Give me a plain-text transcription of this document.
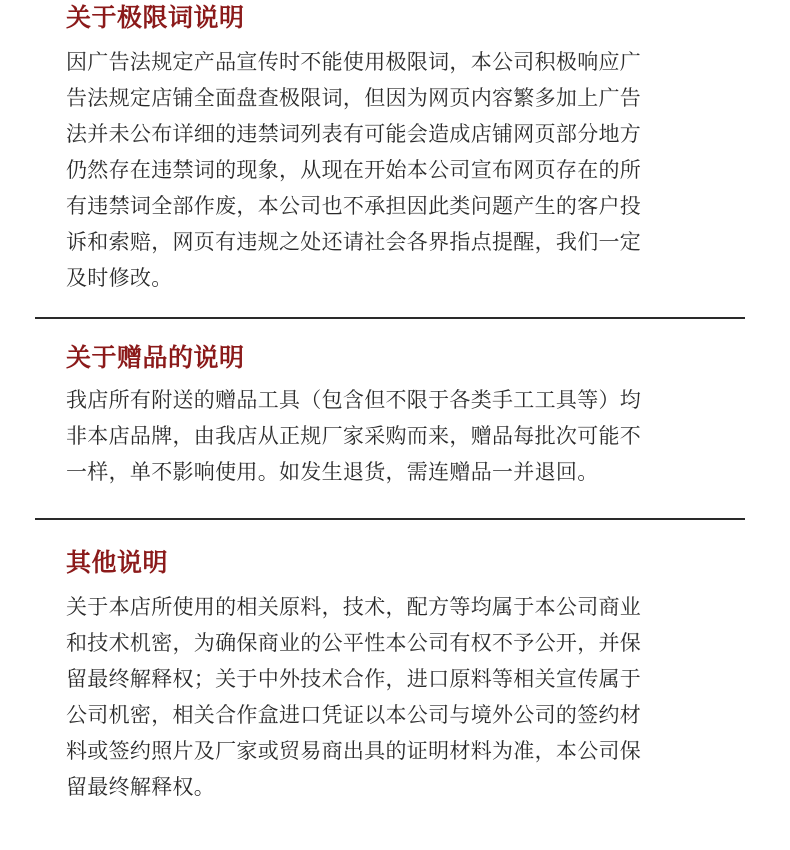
关于极限词说明
因广告法规定产品宣传时不能使用极限词，本公司积极响应广
告法规定店铺全面盘查极限词，但因为网页内容繁多加上广告
法并未公布详细的违禁词列表有可能会造成店铺网页部分地方
仍然存在违禁词的现象，从现在开始本公司宣布网页存在的所
有违禁词全部作废，本公司也不承担因此类问题产生的客户投
诉和索赔，网页有违规之处还请社会各界指点提醒，我们一定
及时修改。
关于赠品的说明
我店所有附送的赠品工具（包含但不限于各类手工工具等）均
非本店品牌，由我店从正规厂家采购而来，赠品每批次可能不
一样，单不影响使用。如发生退货，需连赠品一并退回。
其他说明
关于本店所使用的相关原料，技术，配方等均属于本公司商业
和技术机密，为确保商业的公平性本公司有权不予公开，并保
留最终解释权；关于中外技术合作，进口原料等相关宣传属于
公司机密，相关合作盒进口凭证以本公司与境外公司的签约材
料或签约照片及厂家或贸易商出具的证明材料为准，本公司保
留最终解释权。
